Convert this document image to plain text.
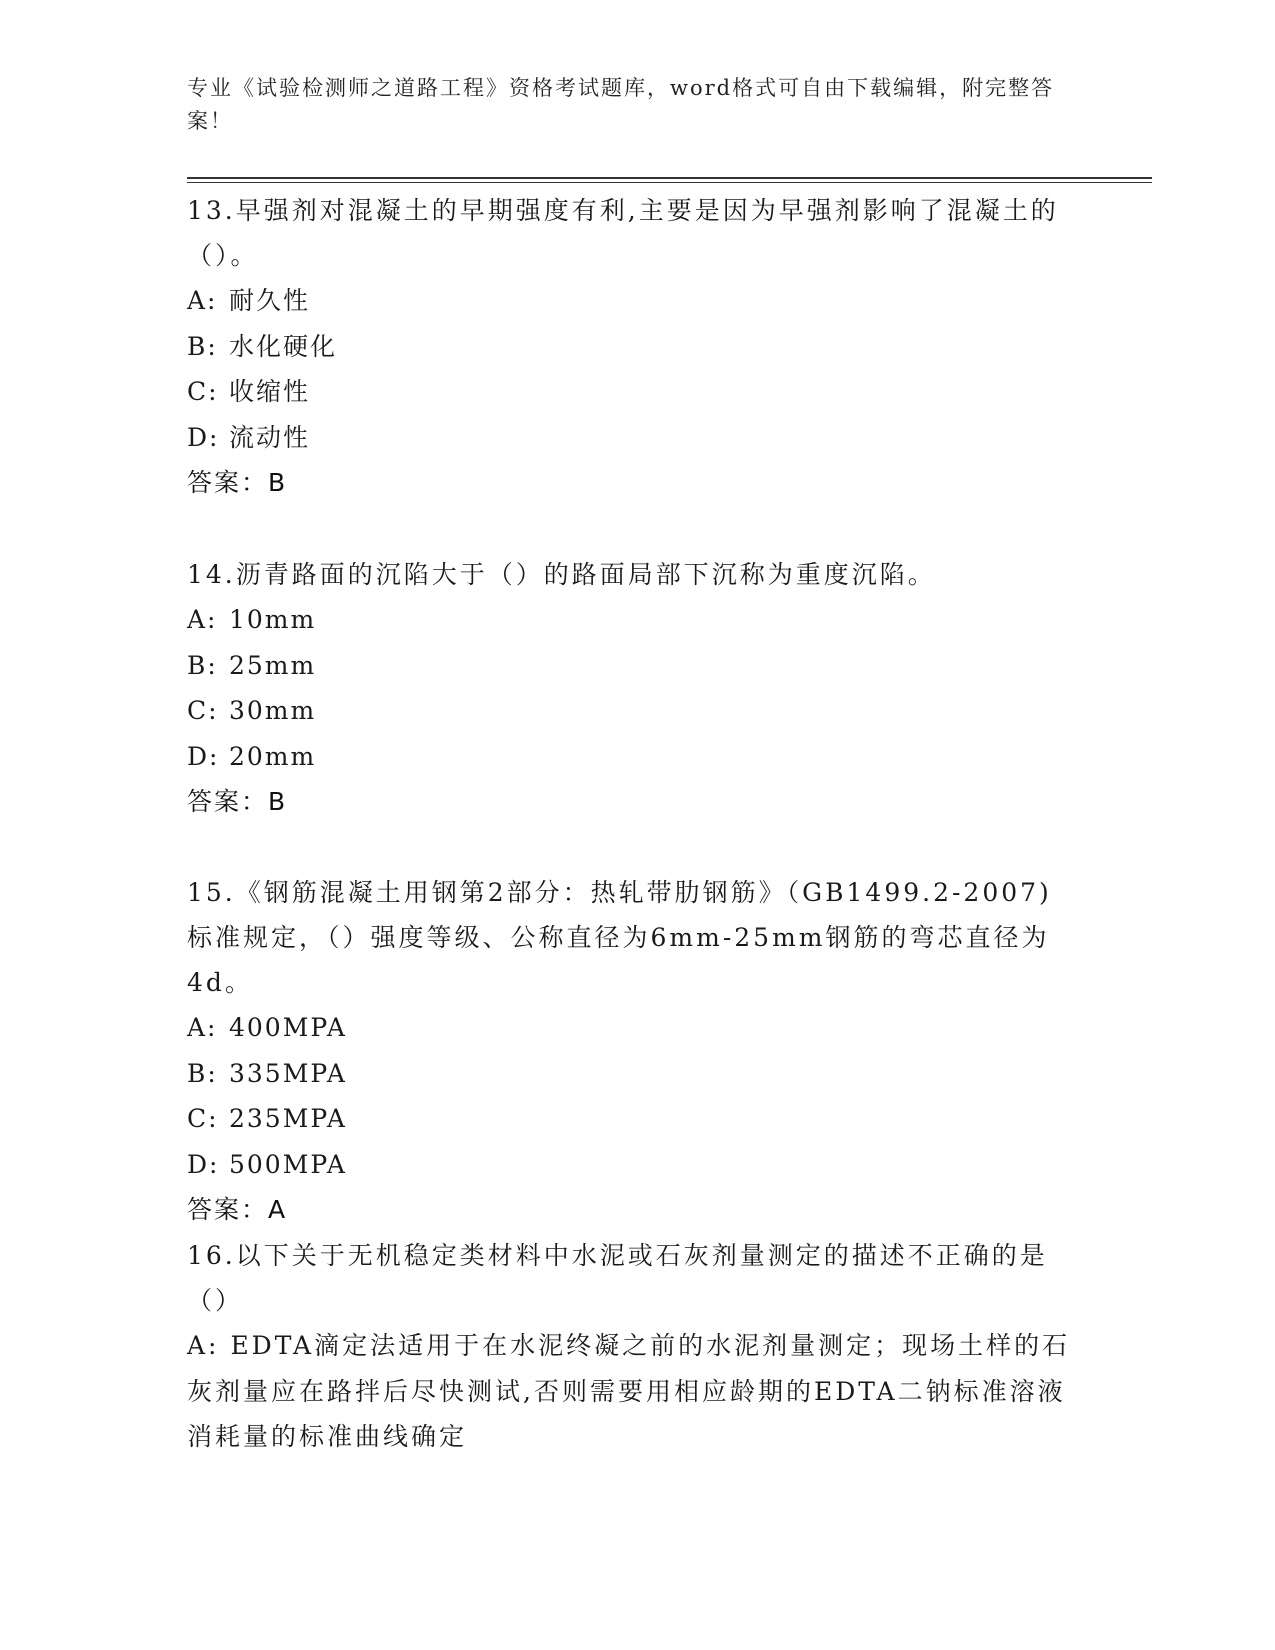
专业《试验检测师之道路工程》资格考试题库，word格式可自由下载编辑，附完整答案！

13.早强剂对混凝土的早期强度有利,主要是因为早强剂影响了混凝土的（）。

A: 耐久性

B: 水化硬化

C: 收缩性

D: 流动性

答案：B

14.沥青路面的沉陷大于（）的路面局部下沉称为重度沉陷。

A: 10mm

B: 25mm

C: 30mm

D: 20mm

答案：B

15.《钢筋混凝土用钢第2部分：热轧带肋钢筋》（GB1499.2-2007)标准规定，（）强度等级、公称直径为6mm-25mm钢筋的弯芯直径为4d。

A: 400MPA

B: 335MPA

C: 235MPA

D: 500MPA

答案：A

16.以下关于无机稳定类材料中水泥或石灰剂量测定的描述不正确的是（）

A: EDTA滴定法适用于在水泥终凝之前的水泥剂量测定；现场土样的石灰剂量应在路拌后尽快测试,否则需要用相应龄期的EDTA二钠标准溶液消耗量的标准曲线确定
